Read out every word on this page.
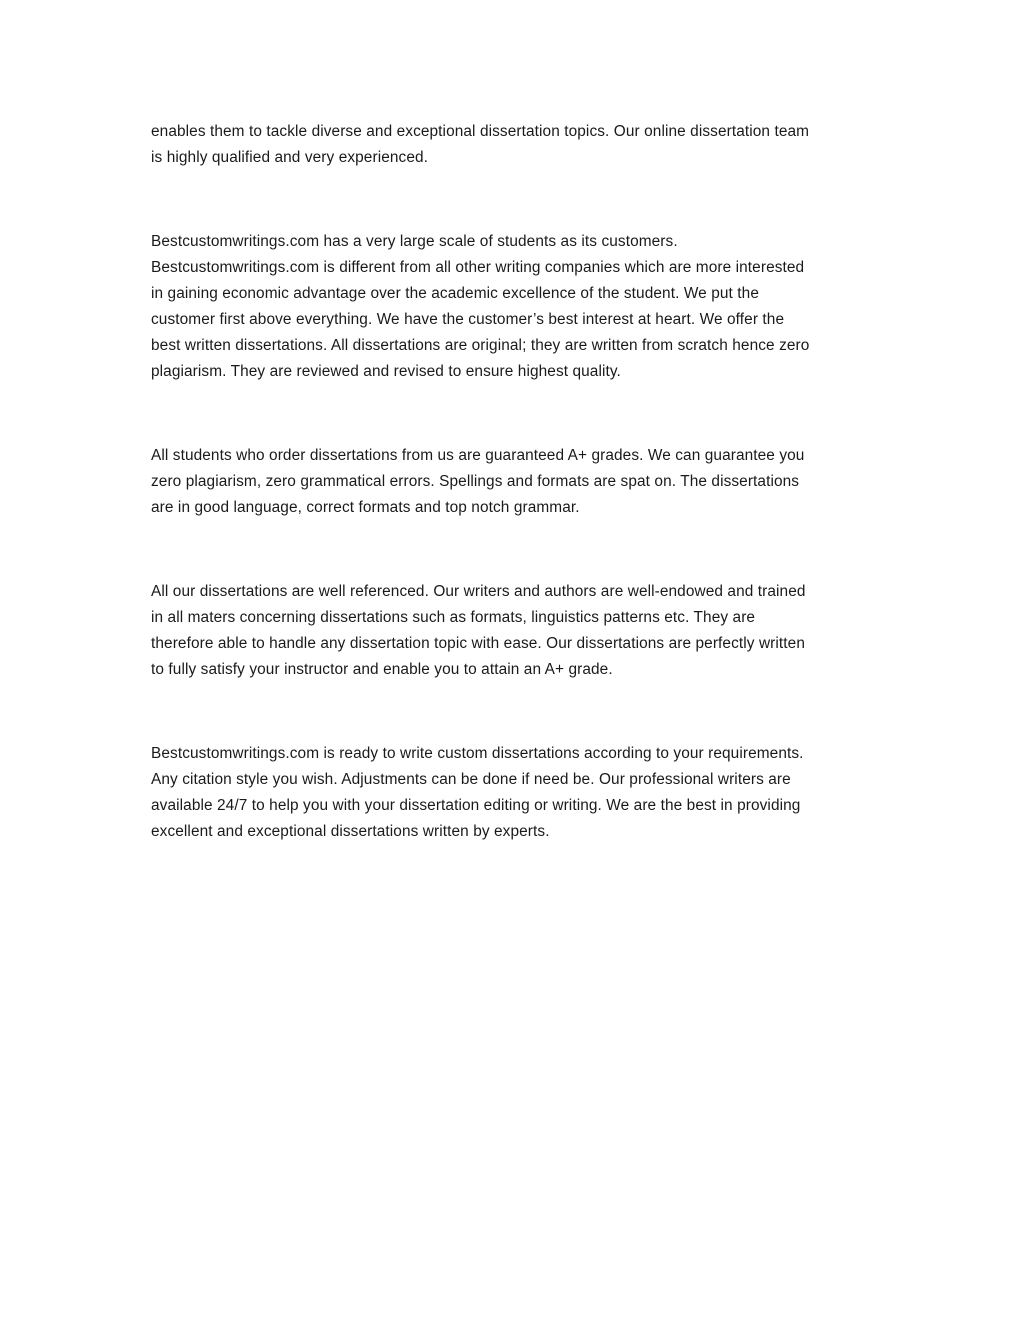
enables them to tackle diverse and exceptional dissertation topics. Our online dissertation team
is highly qualified and very experienced.

Bestcustomwritings.com has a very large scale of students as its customers.
Bestcustomwritings.com is different from all other writing companies which are more interested
in gaining economic advantage over the academic excellence of the student. We put the
customer first above everything. We have the customer’s best interest at heart. We offer the
best written dissertations. All dissertations are original; they are written from scratch hence zero
plagiarism. They are reviewed and revised to ensure highest quality.

All students who order dissertations from us are guaranteed A+ grades. We can guarantee you
zero plagiarism, zero grammatical errors. Spellings and formats are spat on. The dissertations
are in good language, correct formats and top notch grammar.

All our dissertations are well referenced. Our writers and authors are well-endowed and trained
in all maters concerning dissertations such as formats, linguistics patterns etc. They are
therefore able to handle any dissertation topic with ease. Our dissertations are perfectly written
to fully satisfy your instructor and enable you to attain an A+ grade.

Bestcustomwritings.com is ready to write custom dissertations according to your requirements.
Any citation style you wish. Adjustments can be done if need be. Our professional writers are
available 24/7 to help you with your dissertation editing or writing. We are the best in providing
excellent and exceptional dissertations written by experts.
